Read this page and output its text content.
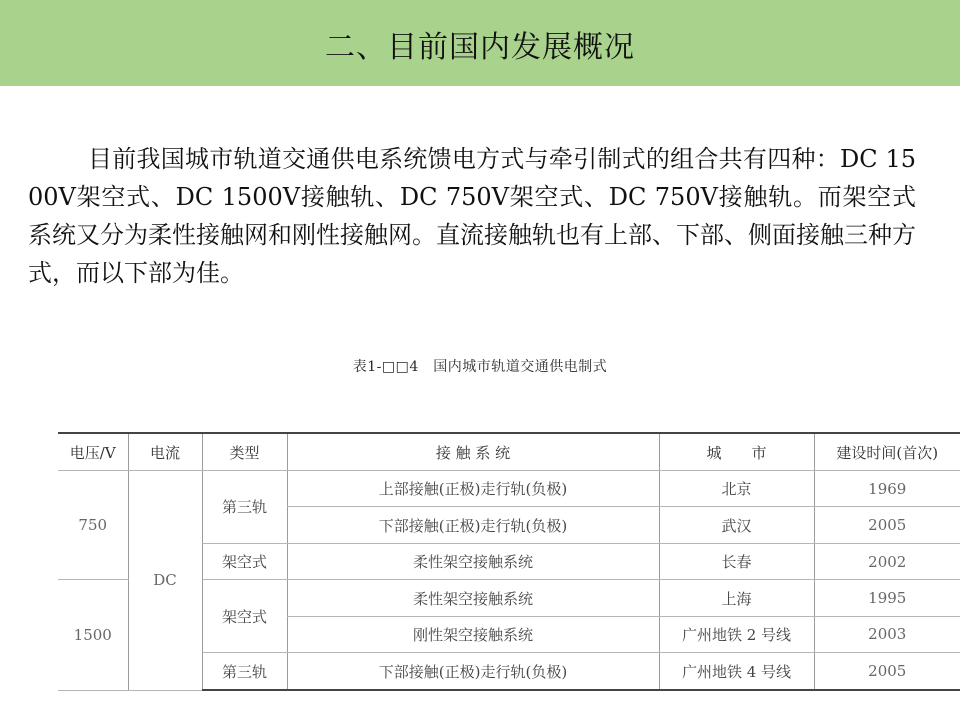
二、目前国内发展概况

目前我国城市轨道交通供电系统馈电方式与牵引制式的组合共有四种：DC 1500V架空式、DC 1500V接触轨、DC 750V架空式、DC 750V接触轨。而架空式系统又分为柔性接触网和刚性接触网。直流接触轨也有上部、下部、侧面接触三种方式，而以下部为佳。

表1-□□4　国内城市轨道交通供电制式
电压/V	电流	类型	接 触 系 统	城　　市	建设时间(首次)
750	DC	第三轨	上部接触(正极)走行轨(负极)	北京	1969
			下部接触(正极)走行轨(负极)	武汉	2005
		架空式	柔性架空接触系统	长春	2002
1500		架空式	柔性架空接触系统	上海	1995
			刚性架空接触系统	广州地铁 2 号线	2003
		第三轨	下部接触(正极)走行轨(负极)	广州地铁 4 号线	2005
